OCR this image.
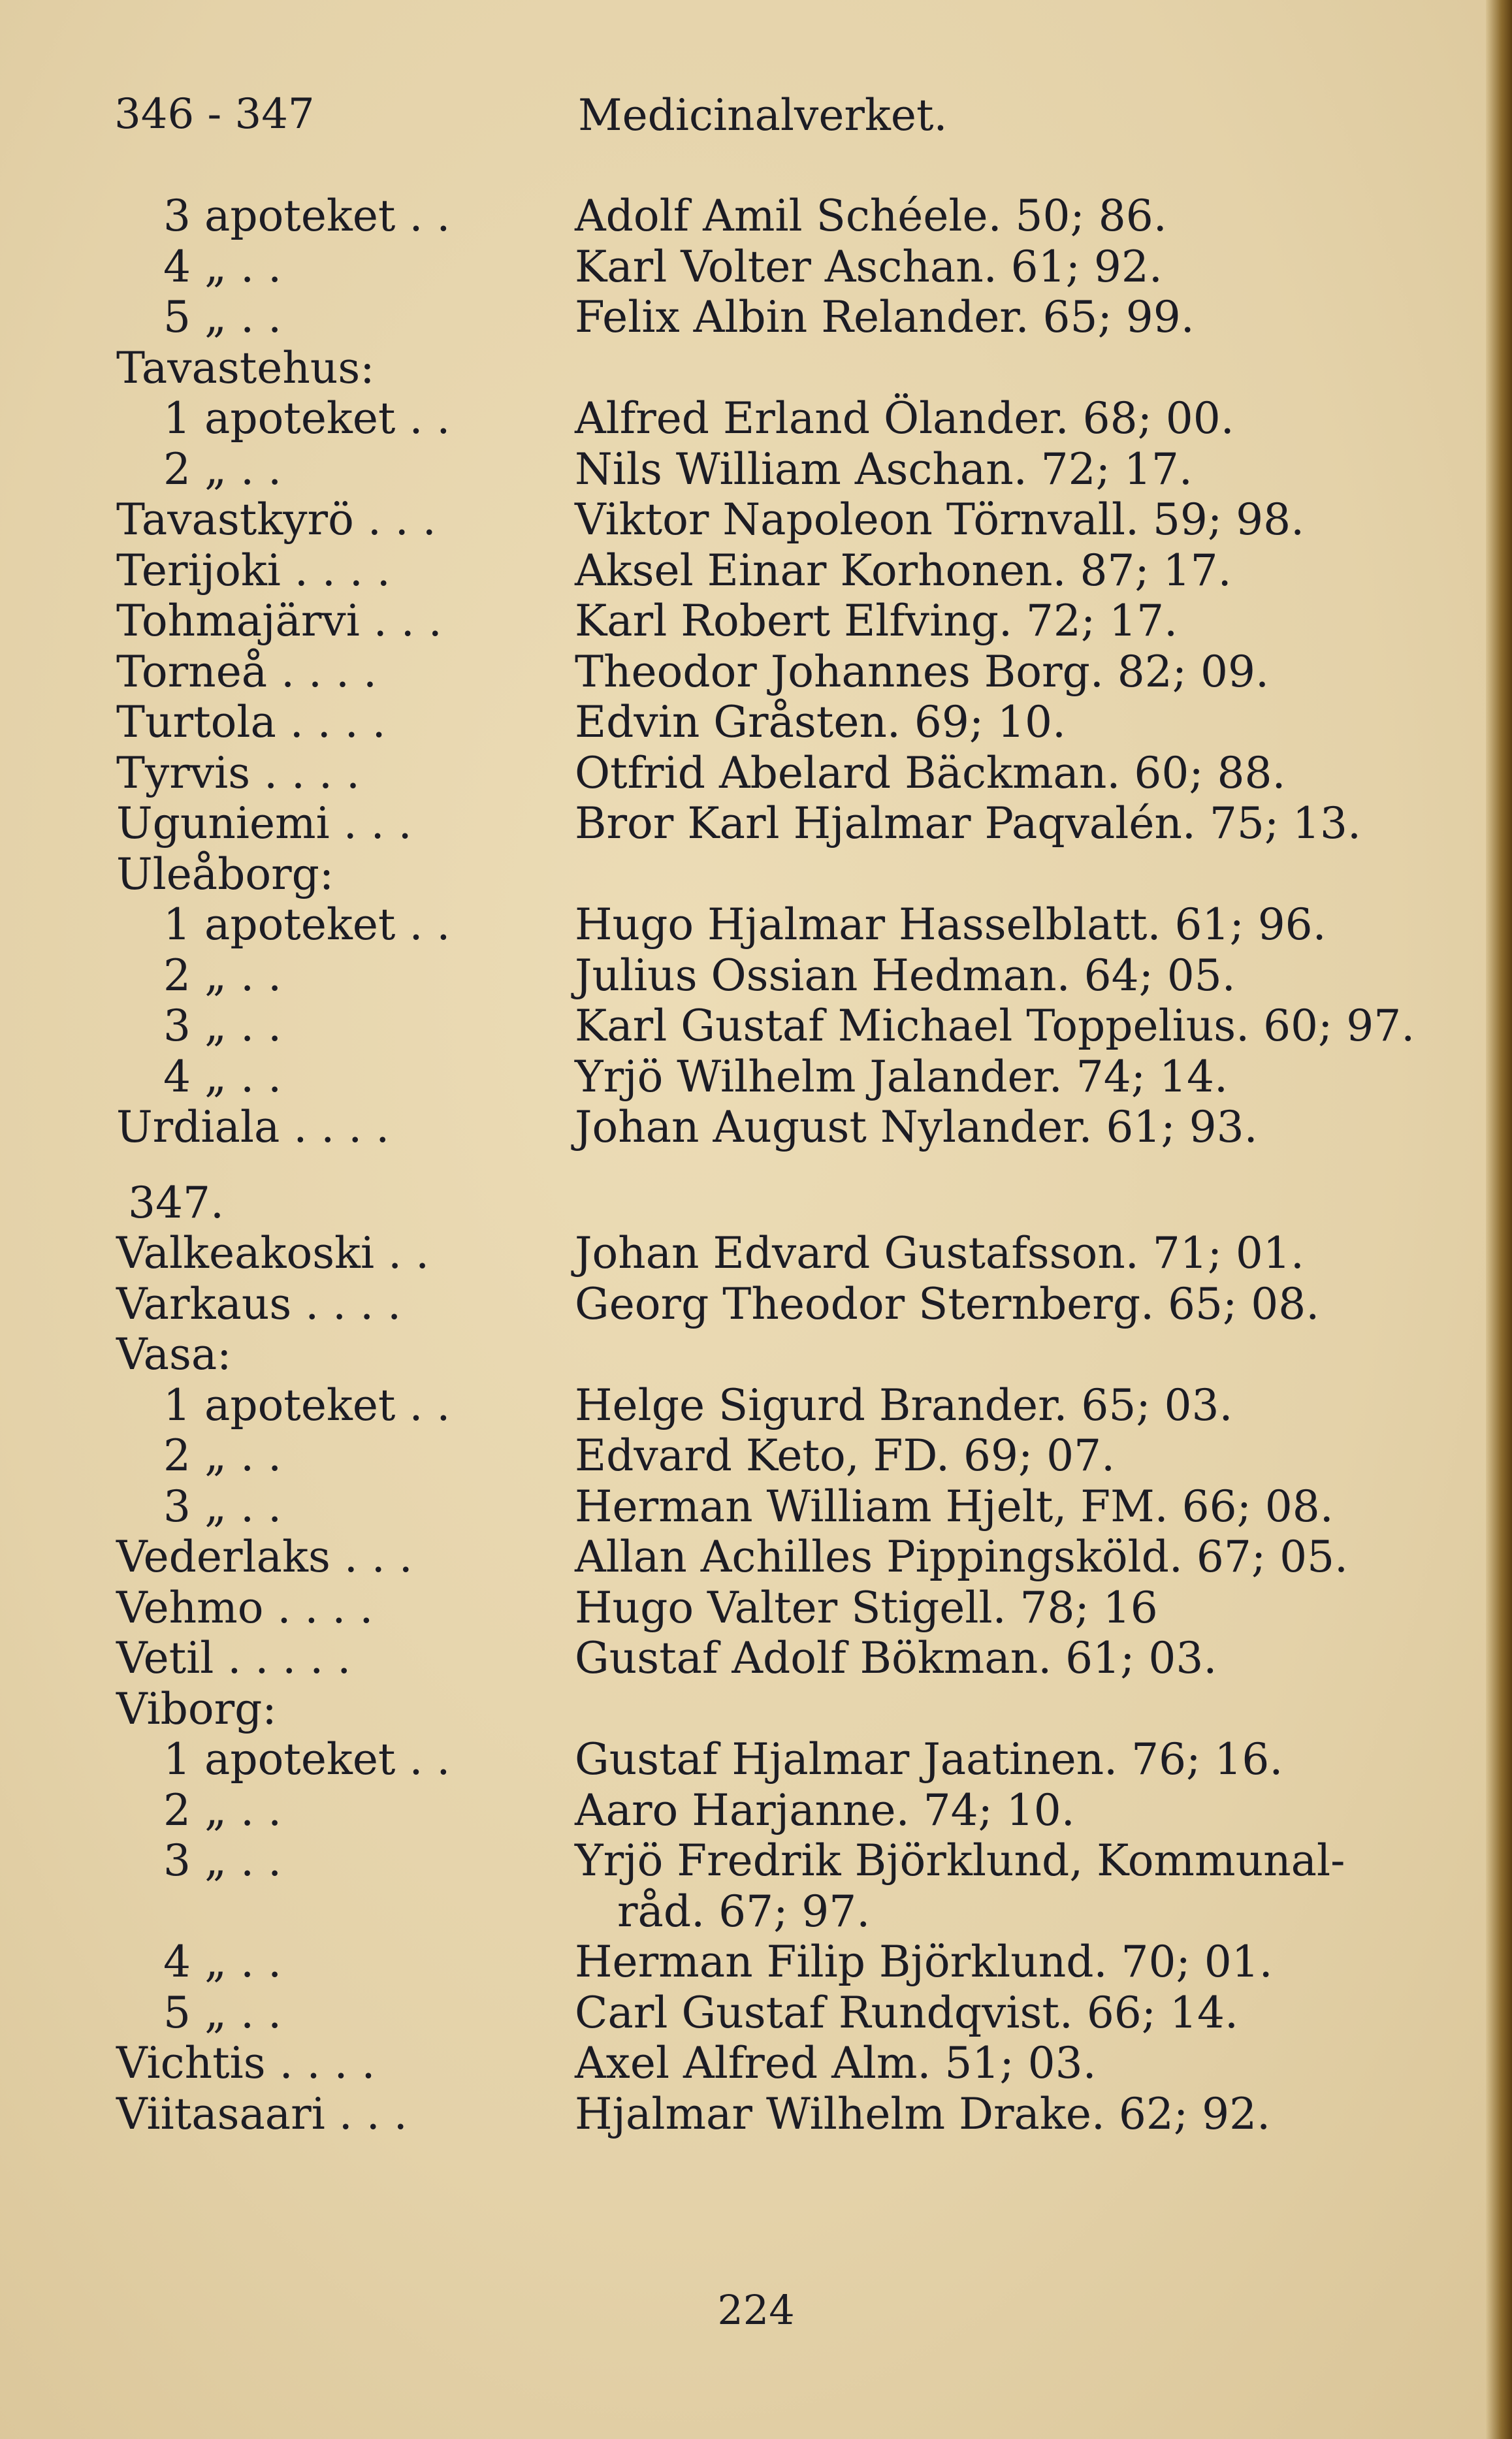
346 - 347	Medicinalverket.
3 apoteket . .	Adolf Amil Schéele. 50; 86.
4 „ . .	Karl Volter Aschan. 61; 92.
5 „ . .	Felix Albin Relander. 65; 99.
Tavastehus:
1 apoteket . .	Alfred Erland Ölander. 68; 00.
2 „ . .	Nils William Aschan. 72; 17.
Tavastkyrö . . .	Viktor Napoleon Törnvall. 59; 98.
Terijoki . . . .	Aksel Einar Korhonen. 87; 17.
Tohmajärvi . . .	Karl Robert Elfving. 72; 17.
Torneå . . . .	Theodor Johannes Borg. 82; 09.
Turtola . . . .	Edvin Gråsten. 69; 10.
Tyrvis . . . .	Otfrid Abelard Bäckman. 60; 88.
Uguniemi . . .	Bror Karl Hjalmar Paqvalén. 75; 13.
Uleåborg:
1 apoteket . .	Hugo Hjalmar Hasselblatt. 61; 96.
2 „ . .	Julius Ossian Hedman. 64; 05.
3 „ . .	Karl Gustaf Michael Toppelius. 60; 97.
4 „ . .	Yrjö Wilhelm Jalander. 74; 14.
Urdiala . . . .	Johan August Nylander. 61; 93.
347.
Valkeakoski . .	Johan Edvard Gustafsson. 71; 01.
Varkaus . . . .	Georg Theodor Sternberg. 65; 08.
Vasa:
1 apoteket . .	Helge Sigurd Brander. 65; 03.
2 „ . .	Edvard Keto, FD. 69; 07.
3 „ . .	Herman William Hjelt, FM. 66; 08.
Vederlaks . . .	Allan Achilles Pippingsköld. 67; 05.
Vehmo . . . .	Hugo Valter Stigell. 78; 16
Vetil . . . . .	Gustaf Adolf Bökman. 61; 03.
Viborg:
1 apoteket . .	Gustaf Hjalmar Jaatinen. 76; 16.
2 „ . .	Aaro Harjanne. 74; 10.
3 „ . .	Yrjö Fredrik Björklund, Kommunal-
råd. 67; 97.
4 „ . .	Herman Filip Björklund. 70; 01.
5 „ . .	Carl Gustaf Rundqvist. 66; 14.
Vichtis . . . .	Axel Alfred Alm. 51; 03.
Viitasaari . . .	Hjalmar Wilhelm Drake. 62; 92.
224
